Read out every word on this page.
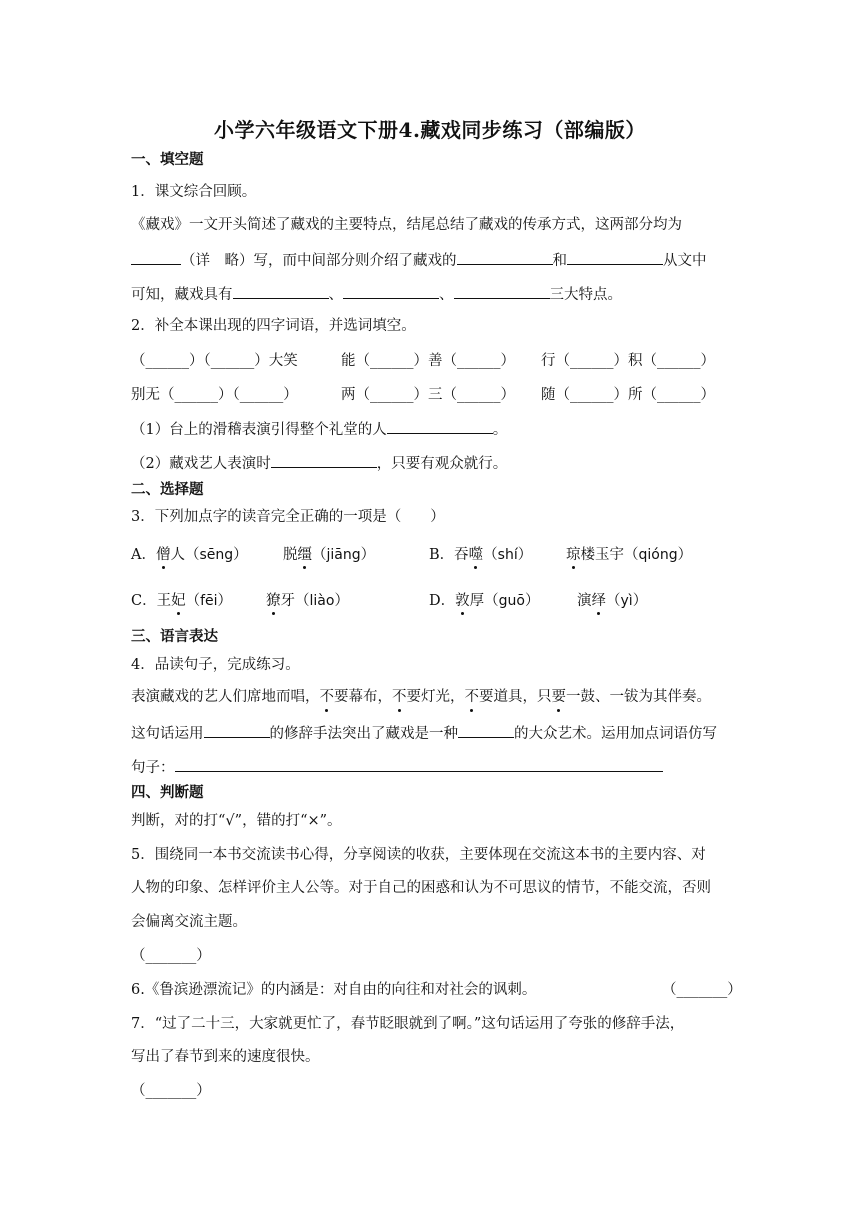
小学六年级语文下册4.藏戏同步练习（部编版）
一、填空题
1．课文综合回顾。
《藏戏》一文开头简述了藏戏的主要特点，结尾总结了藏戏的传承方式，这两部分均为
（详　略）写，而中间部分则介绍了藏戏的	和	从文中
可知，藏戏具有	、	、	三大特点。
2．补全本课出现的四字词语，并选词填空。
（______）（______）大笑	能（______）善（______）	行（______）积（______）
别无（______）（______）	两（______）三（______）	随（______）所（______）
（1）台上的滑稽表演引得整个礼堂的人	。
（2）藏戏艺人表演时	，只要有观众就行。
二、选择题
3．下列加点字的读音完全正确的一项是（　　）
A．僧人（sēng） 脱缰（jiāng）	B．吞噬（shí） 琼楼玉宇（qióng）
C．王妃（fēi） 獠牙（liào）	D．敦厚（guō）	演绎（yì）
三、语言表达
4．品读句子，完成练习。
表演藏戏的艺人们席地而唱，不要幕布，不要灯光，不要道具，只要一鼓、一钹为其伴奏。
这句话运用	的修辞手法突出了藏戏是一种	的大众艺术。运用加点词语仿写
句子：
四、判断题
判断，对的打“√”，错的打“×”。
5．围绕同一本书交流读书心得，分享阅读的收获，主要体现在交流这本书的主要内容、对
人物的印象、怎样评价主人公等。对于自己的困惑和认为不可思议的情节，不能交流，否则
会偏离交流主题。
（_______）
6.《鲁滨逊漂流记》的内涵是：对自由的向往和对社会的讽刺。	（_______）
7．“过了二十三，大家就更忙了，春节眨眼就到了啊。”这句话运用了夸张的修辞手法，
写出了春节到来的速度很快。
（_______）
